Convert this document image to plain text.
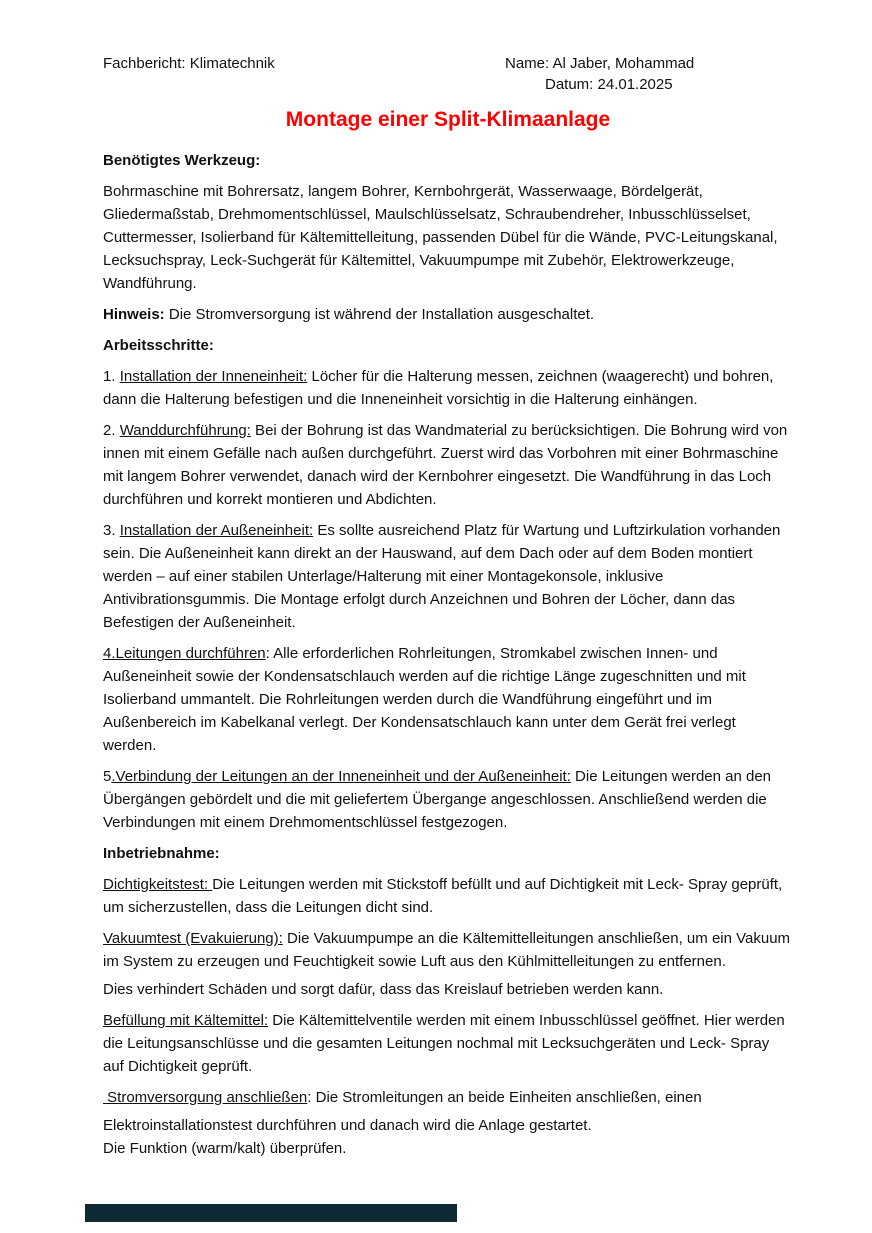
Fachbericht: Klimatechnik	Name: Al Jaber, Mohammad
Datum: 24.01.2025
Montage einer Split-Klimaanlage

Benötigtes Werkzeug:

Bohrmaschine mit Bohrersatz, langem Bohrer, Kernbohrgerät, Wasserwaage, Bördelgerät, Gliedermaßstab, Drehmomentschlüssel, Maulschlüsselsatz, Schraubendreher, Inbusschlüsselset, Cuttermesser, Isolierband für Kältemittelleitung, passenden Dübel für die Wände, PVC-Leitungskanal, Lecksuchspray, Leck-Suchgerät für Kältemittel, Vakuumpumpe mit Zubehör, Elektrowerkzeuge, Wandführung.

Hinweis: Die Stromversorgung ist während der Installation ausgeschaltet.

Arbeitsschritte:

1. Installation der Inneneinheit: Löcher für die Halterung messen, zeichnen (waagerecht) und bohren, dann die Halterung befestigen und die Inneneinheit vorsichtig in die Halterung einhängen.

2. Wanddurchführung: Bei der Bohrung ist das Wandmaterial zu berücksichtigen. Die Bohrung wird von innen mit einem Gefälle nach außen durchgeführt. Zuerst wird das Vorbohren mit einer Bohrmaschine mit langem Bohrer verwendet, danach wird der Kernbohrer eingesetzt. Die Wandführung in das Loch durchführen und korrekt montieren und Abdichten.

3. Installation der Außeneinheit: Es sollte ausreichend Platz für Wartung und Luftzirkulation vorhanden sein. Die Außeneinheit kann direkt an der Hauswand, auf dem Dach oder auf dem Boden montiert werden – auf einer stabilen Unterlage/Halterung mit einer Montagekonsole, inklusive Antivibrationsgummis. Die Montage erfolgt durch Anzeichnen und Bohren der Löcher, dann das Befestigen der Außeneinheit.

4.Leitungen durchführen: Alle erforderlichen Rohrleitungen, Stromkabel zwischen Innen- und Außeneinheit sowie der Kondensatschlauch werden auf die richtige Länge zugeschnitten und mit Isolierband ummantelt. Die Rohrleitungen werden durch die Wandführung eingeführt und im Außenbereich im Kabelkanal verlegt. Der Kondensatschlauch kann unter dem Gerät frei verlegt werden.

5.Verbindung der Leitungen an der Inneneinheit und der Außeneinheit: Die Leitungen werden an den Übergängen gebördelt und die mit geliefertem Übergange angeschlossen. Anschließend werden die Verbindungen mit einem Drehmomentschlüssel festgezogen.

Inbetriebnahme:

Dichtigkeitstest: Die Leitungen werden mit Stickstoff befüllt und auf Dichtigkeit mit Leck- Spray geprüft, um sicherzustellen, dass die Leitungen dicht sind.

Vakuumtest (Evakuierung): Die Vakuumpumpe an die Kältemittelleitungen anschließen, um ein Vakuum im System zu erzeugen und Feuchtigkeit sowie Luft aus den Kühlmittelleitungen zu entfernen.
Dies verhindert Schäden und sorgt dafür, dass das Kreislauf betrieben werden kann.

Befüllung mit Kältemittel: Die Kältemittelventile werden mit einem Inbusschlüssel geöffnet. Hier werden die Leitungsanschlüsse und die gesamten Leitungen nochmal mit Lecksuchgeräten und Leck- Spray auf Dichtigkeit geprüft.

Stromversorgung anschließen: Die Stromleitungen an beide Einheiten anschließen, einen
Elektroinstallationstest durchführen und danach wird die Anlage gestartet.
Die Funktion (warm/kalt) überprüfen.
